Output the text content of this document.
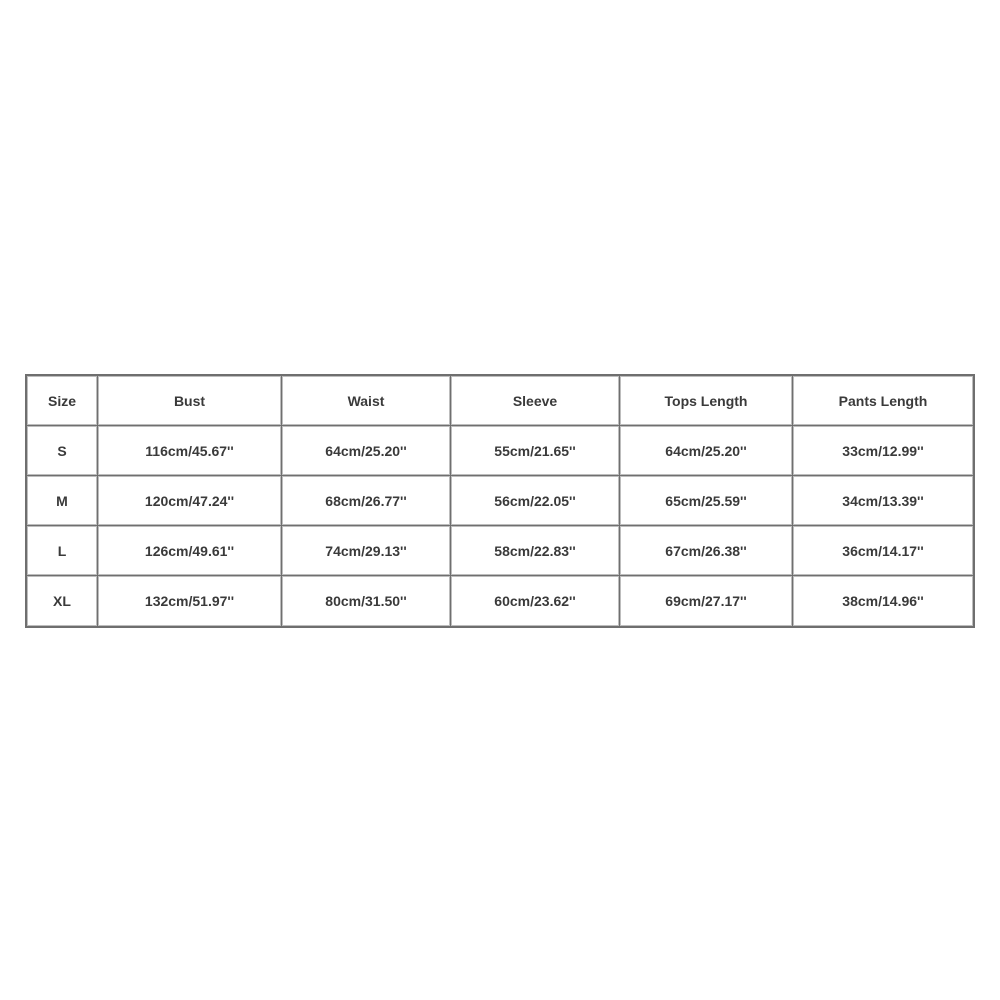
Size	Bust	Waist	Sleeve	Tops Length	Pants Length
S	116cm/45.67''	64cm/25.20''	55cm/21.65''	64cm/25.20''	33cm/12.99''
M	120cm/47.24''	68cm/26.77''	56cm/22.05''	65cm/25.59''	34cm/13.39''
L	126cm/49.61''	74cm/29.13''	58cm/22.83''	67cm/26.38''	36cm/14.17''
XL	132cm/51.97''	80cm/31.50''	60cm/23.62''	69cm/27.17''	38cm/14.96''
